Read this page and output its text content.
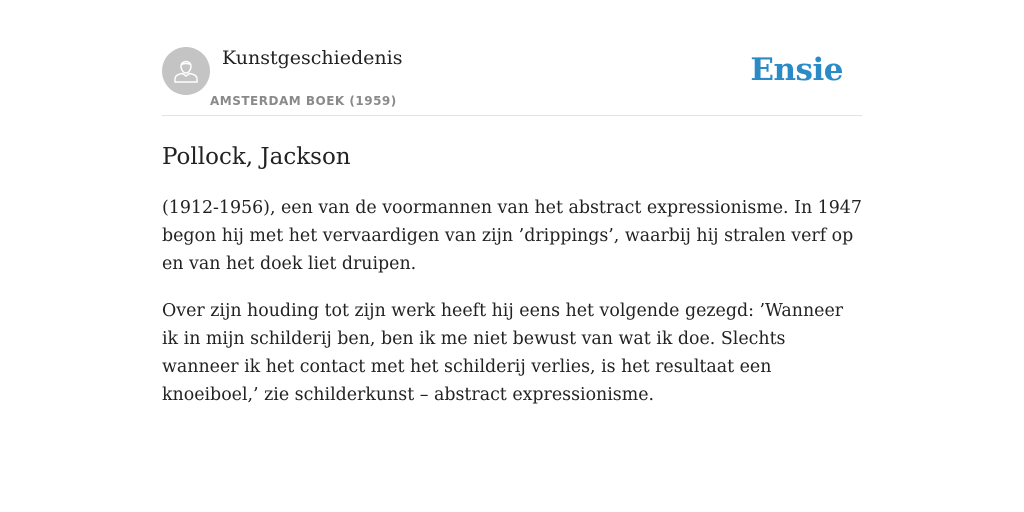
Kunstgeschiedenis
AMSTERDAM BOEK (1959)
Ensie
Pollock, Jackson

(1912-1956), een van de voormannen van het abstract expressionisme. In 1947 begon hij met het vervaardigen van zijn ’drippings’, waarbij hij stralen verf op en van het doek liet druipen.

Over zijn houding tot zijn werk heeft hij eens het volgende gezegd: ’Wanneer ik in mijn schilderij ben, ben ik me niet bewust van wat ik doe. Slechts wanneer ik het contact met het schilderij verlies, is het resultaat een knoeiboel,’ zie schilderkunst – abstract expressionisme.
